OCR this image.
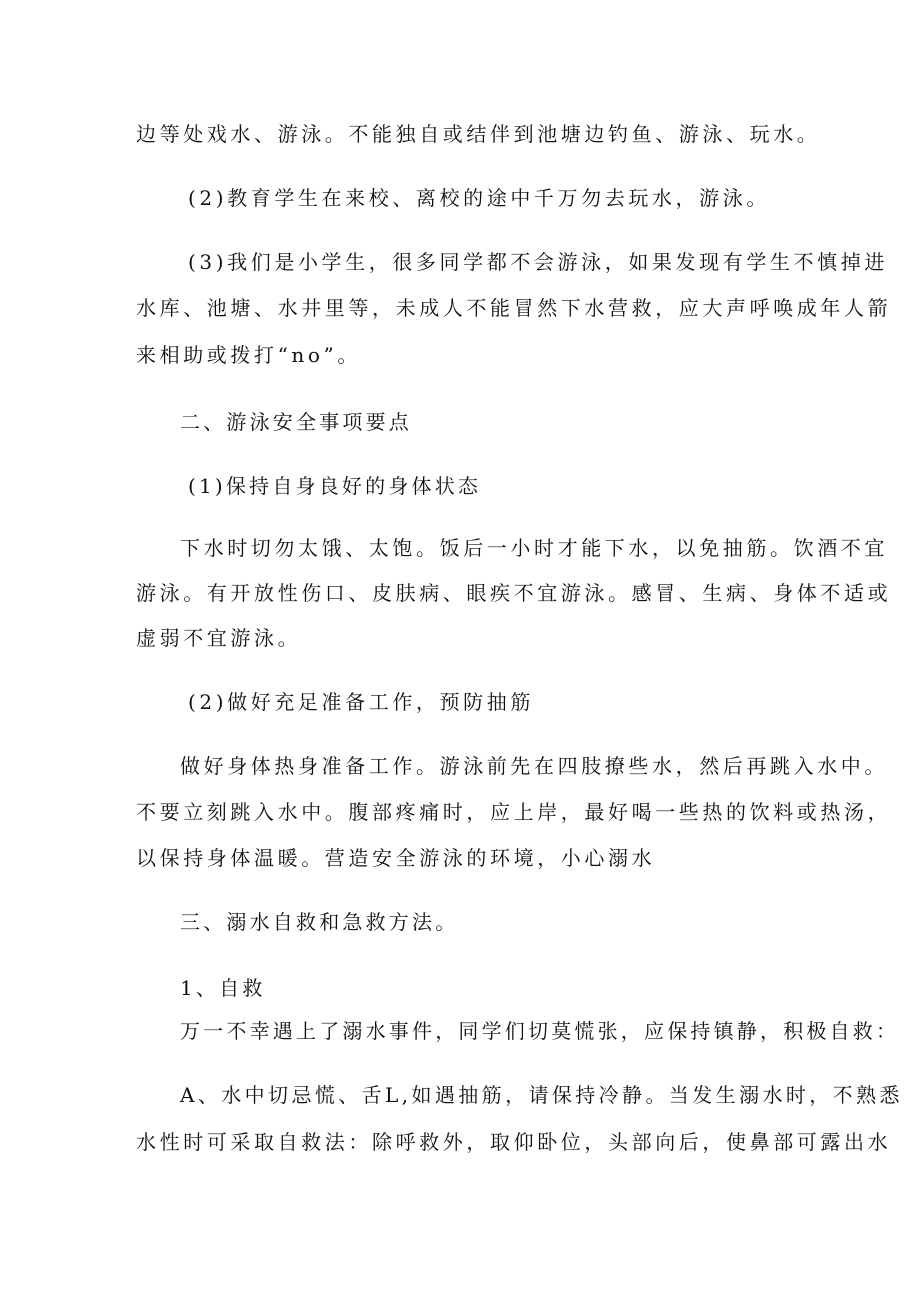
边等处戏水、游泳。不能独自或结伴到池塘边钓鱼、游泳、玩水。
(2)教育学生在来校、离校的途中千万勿去玩水，游泳。
(3)我们是小学生，很多同学都不会游泳，如果发现有学生不慎掉进
水库、池塘、水井里等，未成人不能冒然下水营救，应大声呼唤成年人箭
来相助或拨打“no”。
二、游泳安全事项要点
(1)保持自身良好的身体状态
下水时切勿太饿、太饱。饭后一小时才能下水，以免抽筋。饮酒不宜
游泳。有开放性伤口、皮肤病、眼疾不宜游泳。感冒、生病、身体不适或
虚弱不宜游泳。
(2)做好充足准备工作，预防抽筋
做好身体热身准备工作。游泳前先在四肢撩些水，然后再跳入水中。
不要立刻跳入水中。腹部疼痛时，应上岸，最好喝一些热的饮料或热汤，
以保持身体温暖。营造安全游泳的环境，小心溺水
三、溺水自救和急救方法。
1、自救
万一不幸遇上了溺水事件，同学们切莫慌张，应保持镇静，积极自救：
A、水中切忌慌、舌L,如遇抽筋，请保持冷静。当发生溺水时，不熟悉
水性时可采取自救法：除呼救外，取仰卧位，头部向后，使鼻部可露出水
